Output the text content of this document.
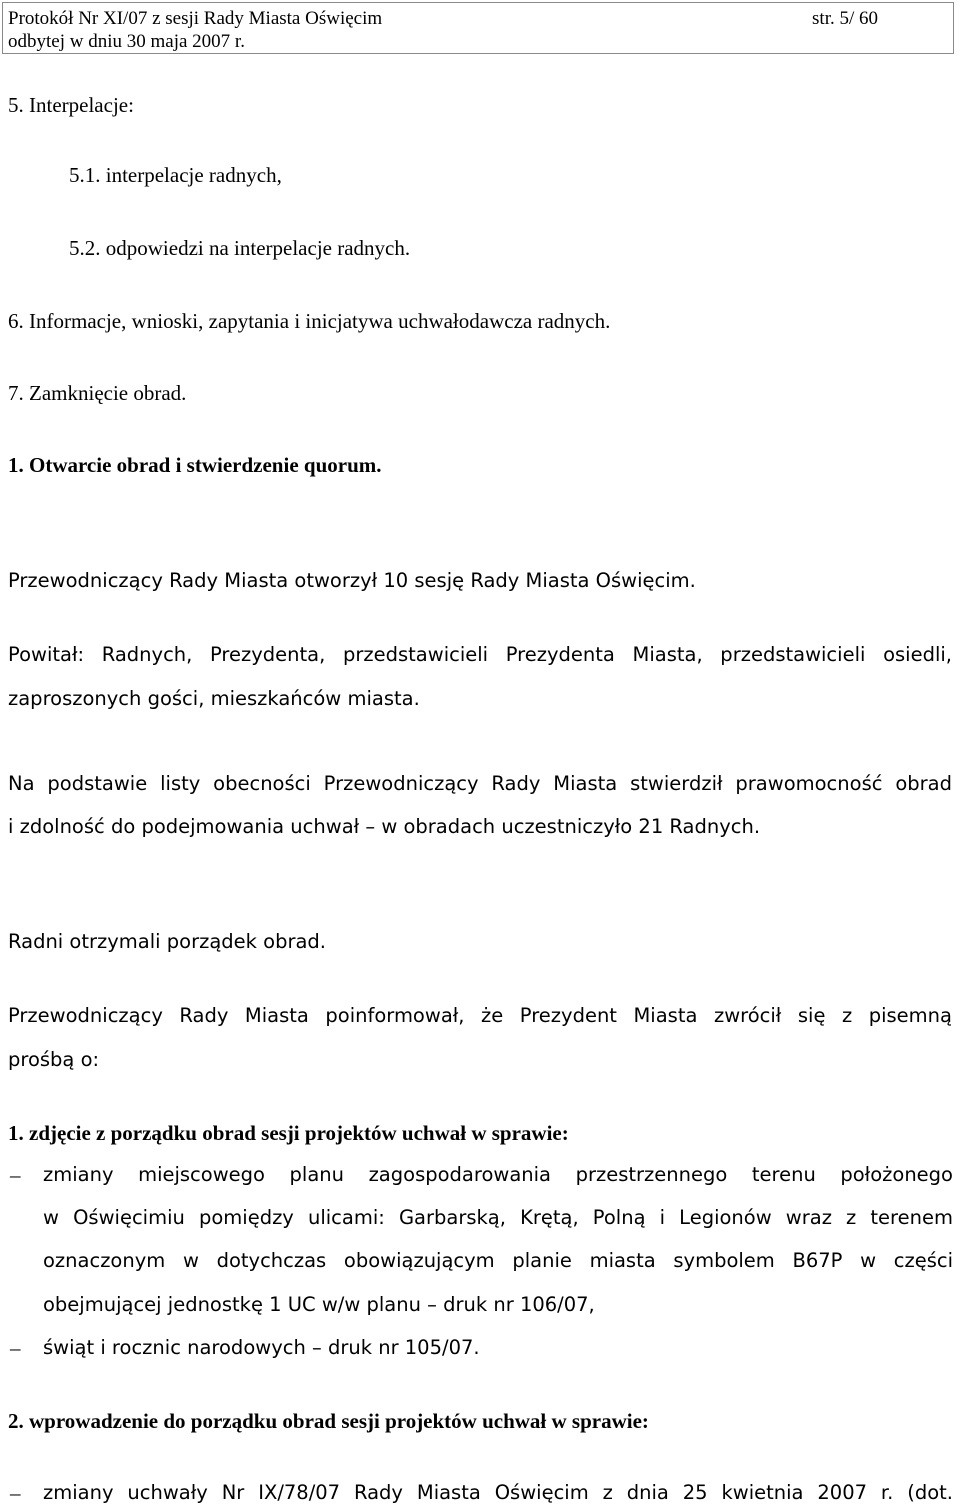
Protokół Nr XI/07 z sesji Rady Miasta Oświęcim
odbytej w dniu 30 maja 2007 r.
str. 5/ 60
5. Interpelacje:
5.1. interpelacje radnych,
5.2. odpowiedzi na interpelacje radnych.
6. Informacje, wnioski, zapytania i inicjatywa uchwałodawcza radnych.
7. Zamknięcie obrad.
1. Otwarcie obrad i stwierdzenie quorum.
Przewodniczący Rady Miasta otworzył 10 sesję Rady Miasta Oświęcim.
Powitał: Radnych, Prezydenta, przedstawicieli Prezydenta Miasta, przedstawicieli osiedli,
zaproszonych gości, mieszkańców miasta.
Na podstawie listy obecności Przewodniczący Rady Miasta stwierdził prawomocność obrad
i zdolność do podejmowania uchwał – w obradach uczestniczyło 21 Radnych.
Radni otrzymali porządek obrad.
Przewodniczący Rady Miasta poinformował, że Prezydent Miasta zwrócił się z pisemną
prośbą o:
1. zdjęcie z porządku obrad sesji projektów uchwał w sprawie:
– zmiany miejscowego planu zagospodarowania przestrzennego terenu położonego
w Oświęcimiu pomiędzy ulicami: Garbarską, Krętą, Polną i Legionów wraz z terenem
oznaczonym w dotychczas obowiązującym planie miasta symbolem B67P w części
obejmującej jednostkę 1 UC w/w planu – druk nr 106/07,
– świąt i rocznic narodowych – druk nr 105/07.
2. wprowadzenie do porządku obrad sesji projektów uchwał w sprawie:
– zmiany uchwały Nr IX/78/07 Rady Miasta Oświęcim z dnia 25 kwietnia 2007 r. (dot.
